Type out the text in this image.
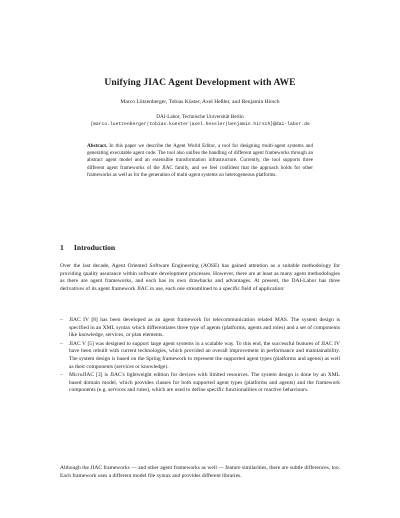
Unifying JIAC Agent Development with AWE
Marco Lützenberger, Tobias Küster, Axel Heßler, and Benjamin Hirsch
DAI-Labor, Technische Universität Berlin
{marco.luetzenberger|tobias.kuester|axel.hessler|benjamin.hirsch}@dai-labor.de
Abstract. In this paper we describe the Agent World Editor, a tool for designing multi-agent systems and generating executable agent code. The tool also unifies the handling of different agent frameworks through an abstract agent model and an extensible transformation infrastructure. Currently, the tool supports three different agent frameworks of the JIAC family, and we feel confident that the approach holds for other frameworks as well as for the generation of multi-agent systems on heterogeneous platforms.
1 Introduction
Over the last decade, Agent Oriented Software Engineering (AOSE) has gained attention as a suitable methodology for providing quality assurance within software development processes. However, there are at least as many agent methodologies as there are agent frameworks, and each has its own drawbacks and advantages. At present, the DAI-Labor has three derivatives of its agent framework JIAC in use, each one streamlined to a specific field of application:
– JIAC IV [8] has been developed as an agent framework for telecommunication related MAS. The system design is specified in an XML syntax which differentiates three type of agents (platforms, agents and roles) and a set of components like knowledge, services, or plan elements.
– JIAC V [5] was designed to support large agent systems in a scalable way. To this end, the successful features of JIAC IV have been rebuilt with current technologies, which provided an overall improvement in performance and maintainability. The system design is based on the Spring framework to represent the supported agent types (platforms and agents) as well as their components (services or knowledge).
– MicroJIAC [3] is JIAC's lightweight edition for devices with limited resources. The system design is done by an XML based domain model, which provides classes for both supported agent types (platforms and agents) and the framework components (e.g. services and rules), which are used to define specific functionalities or reactive behaviours.
Although the JIAC frameworks — and other agent frameworks as well — feature similarities, there are subtle differences, too. Each framework uses a different model file syntax and provides different libraries.
